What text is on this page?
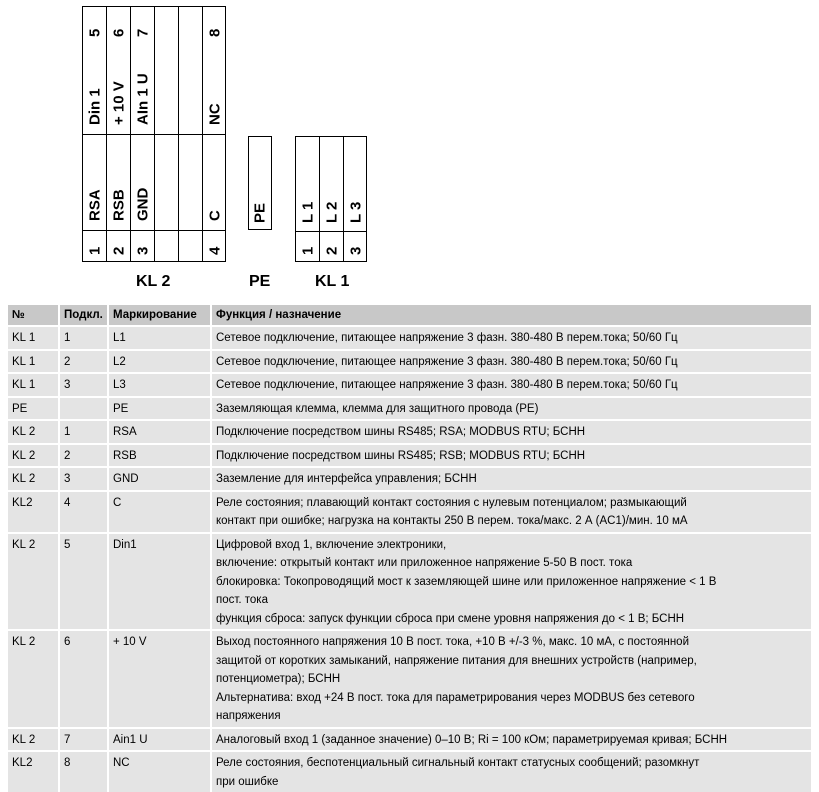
5
Din 1
RSA
1
6
+ 10 V
RSB
2
7
AIn 1 U
GND
3
8
NC
C
4
KL 2
PE
PE
L 1
1
L 2
2
L 3
3
KL 1
№	Подкл.	Маркирование	Функция / назначение
KL 1	1	L1	Сетевое подключение, питающее напряжение 3 фазн. 380-480 В перем.тока; 50/60 Гц
KL 1	2	L2	Сетевое подключение, питающее напряжение 3 фазн. 380-480 В перем.тока; 50/60 Гц
KL 1	3	L3	Сетевое подключение, питающее напряжение 3 фазн. 380-480 В перем.тока; 50/60 Гц
PE		PE	Заземляющая клемма, клемма для защитного провода (PE)
KL 2	1	RSA	Подключение посредством шины RS485; RSA; MODBUS RTU; БСНН
KL 2	2	RSB	Подключение посредством шины RS485; RSB; MODBUS RTU; БСНН
KL 2	3	GND	Заземление для интерфейса управления; БСНН
KL2	4	C	Реле состояния; плавающий контакт состояния с нулевым потенциалом; размыкающий
контакт при ошибке; нагрузка на контакты 250 В перем. тока/макс. 2 А (AC1)/мин. 10 мА
KL 2	5	Din1	Цифровой вход 1, включение электроники,
включение: открытый контакт или приложенное напряжение 5-50 В пост. тока
блокировка: Токопроводящий мост к заземляющей шине или приложенное напряжение < 1 В
пост. тока
функция сброса: запуск функции сброса при смене уровня напряжения до < 1 В; БСНН
KL 2	6	+ 10 V	Выход постоянного напряжения 10 В пост. тока, +10 В +/-3 %, макс. 10 мА, с постоянной
защитой от коротких замыканий, напряжение питания для внешних устройств (например,
потенциометра); БСНН
Альтернатива: вход +24 В пост. тока для параметрирования через MODBUS без сетевого
напряжения
KL 2	7	Ain1 U	Аналоговый вход 1 (заданное значение) 0–10 В; Ri = 100 кОм; параметрируемая кривая; БСНН
KL2	8	NC	Реле состояния, беспотенциальный сигнальный контакт статусных сообщений; разомкнут
при ошибке
